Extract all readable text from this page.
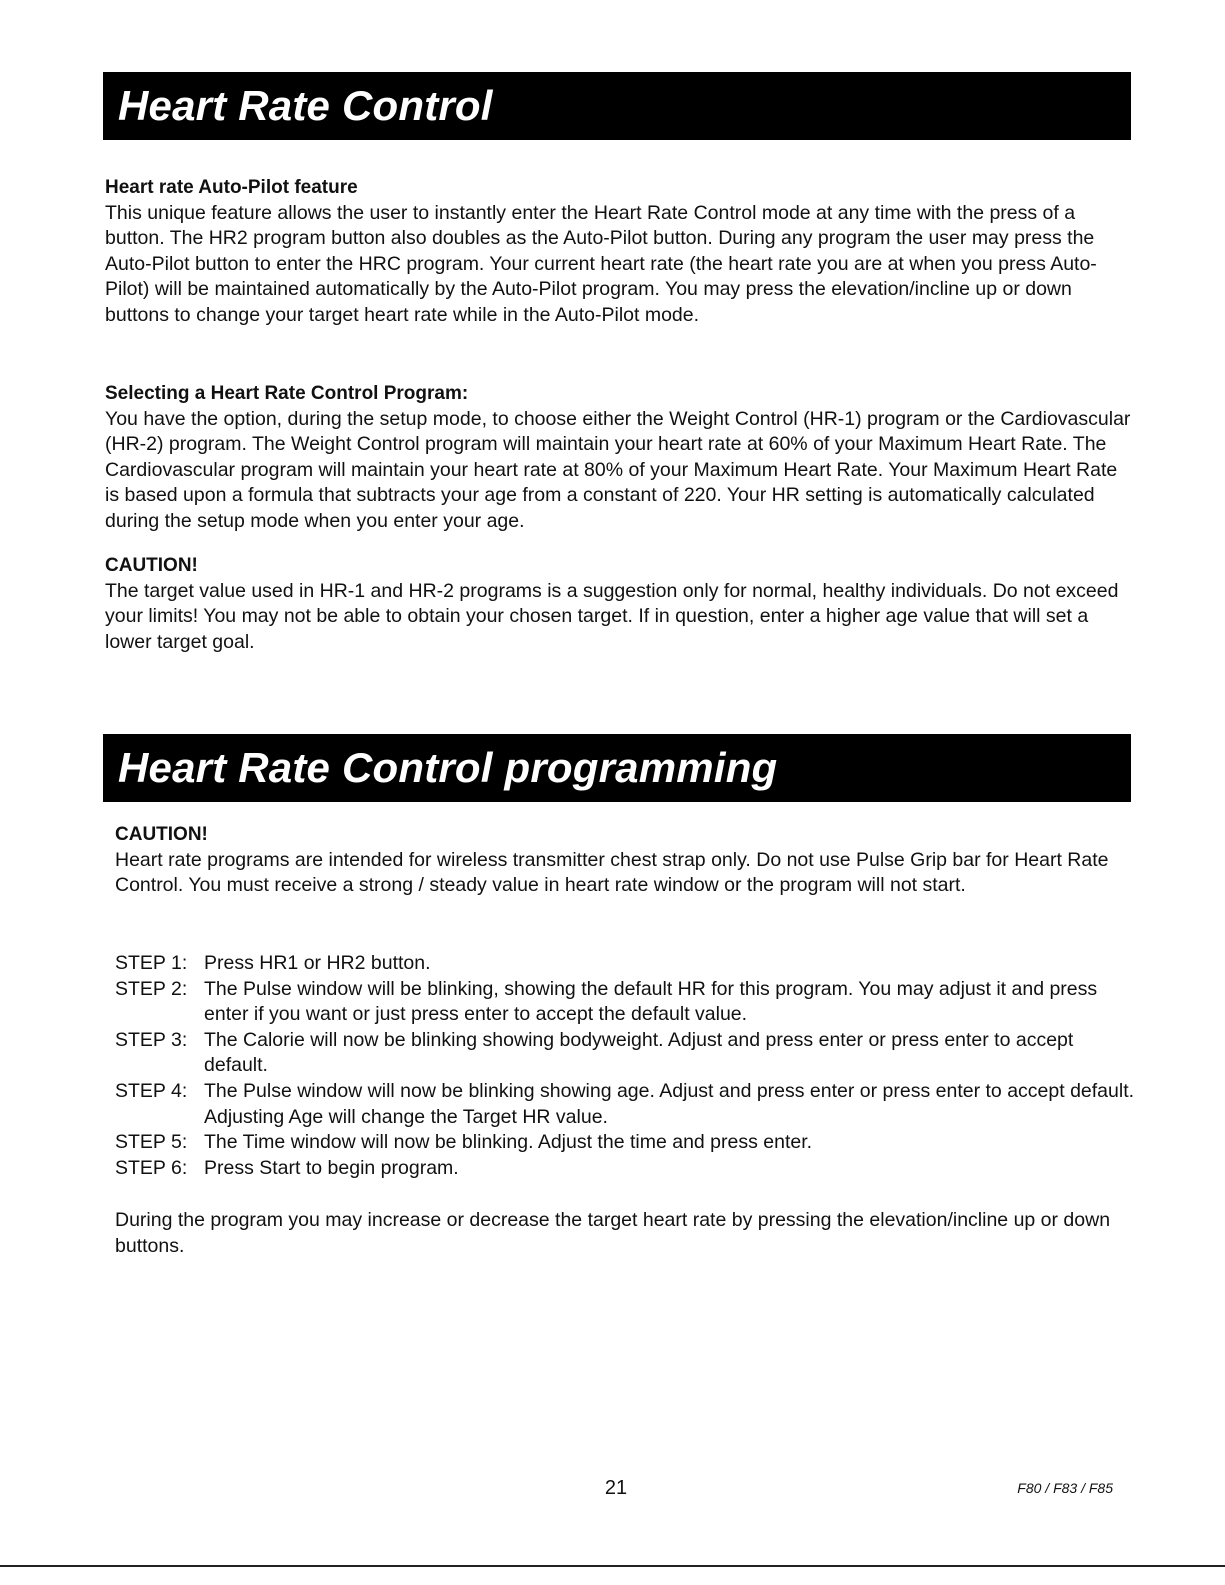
Heart Rate Control
Heart rate Auto-Pilot feature

This unique feature allows the user to instantly enter the Heart Rate Control mode at any time with the press of a button. The HR2 program button also doubles as the Auto-Pilot button. During any program the user may press the Auto-Pilot button to enter the HRC program. Your current heart rate (the heart rate you are at when you press Auto-Pilot) will be maintained automatically by the Auto-Pilot program. You may press the elevation/incline up or down buttons to change your target heart rate while in the Auto-Pilot mode.

Selecting a Heart Rate Control Program:

You have the option, during the setup mode, to choose either the Weight Control (HR-1) program or the Cardiovascular (HR-2) program. The Weight Control program will maintain your heart rate at 60% of your Maximum Heart Rate. The Cardiovascular program will maintain your heart rate at 80% of your Maximum Heart Rate. Your Maximum Heart Rate is based upon a formula that subtracts your age from a constant of 220. Your HR setting is automatically calculated during the setup mode when you enter your age.

CAUTION!

The target value used in HR-1 and HR-2 programs is a suggestion only for normal, healthy individuals. Do not exceed your limits! You may not be able to obtain your chosen target. If in question, enter a higher age value that will set a lower target goal.

Heart Rate Control programming
CAUTION!

Heart rate programs are intended for wireless transmitter chest strap only. Do not use Pulse Grip bar for Heart Rate Control. You must receive a strong / steady value in heart rate window or the program will not start.

STEP 1: Press HR1 or HR2 button.
STEP 2: The Pulse window will be blinking, showing the default HR for this program. You may adjust it and press enter if you want or just press enter to accept the default value.
STEP 3: The Calorie will now be blinking showing bodyweight. Adjust and press enter or press enter to accept default.
STEP 4: The Pulse window will now be blinking showing age. Adjust and press enter or press enter to accept default. Adjusting Age will change the Target HR value.
STEP 5: The Time window will now be blinking. Adjust the time and press enter.
STEP 6: Press Start to begin program.

During the program you may increase or decrease the target heart rate by pressing the elevation/incline up or down buttons.

21	F80 / F83 / F85
